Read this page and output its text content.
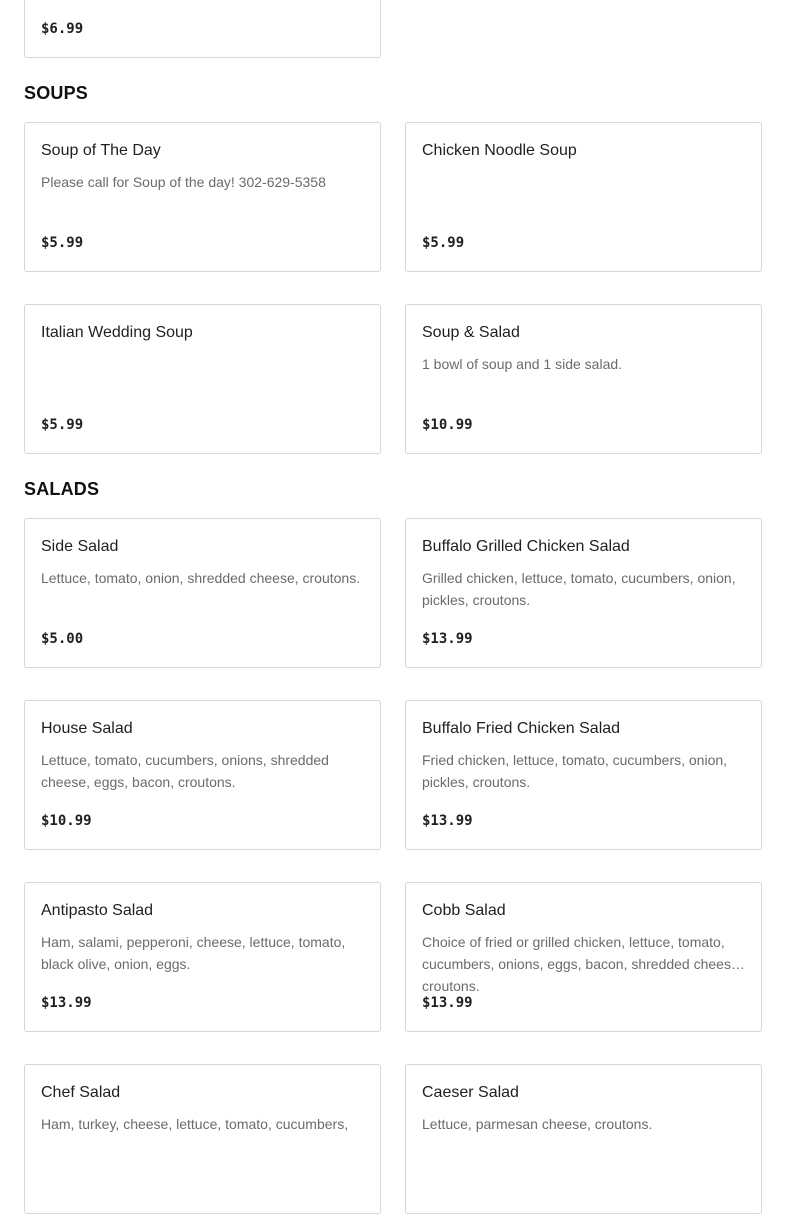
$6.99
SOUPS
Soup of The Day
Please call for Soup of the day! 302-629-5358
$5.99
Chicken Noodle Soup
$5.99
Italian Wedding Soup
$5.99
Soup & Salad
1 bowl of soup and 1 side salad.
$10.99
SALADS
Side Salad
Lettuce, tomato, onion, shredded cheese, croutons.
$5.00
Buffalo Grilled Chicken Salad
Grilled chicken, lettuce, tomato, cucumbers, onion, pickles, croutons.
$13.99
House Salad
Lettuce, tomato, cucumbers, onions, shredded cheese, eggs, bacon, croutons.
$10.99
Buffalo Fried Chicken Salad
Fried chicken, lettuce, tomato, cucumbers, onion, pickles, croutons.
$13.99
Antipasto Salad
Ham, salami, pepperoni, cheese, lettuce, tomato, black olive, onion, eggs.
$13.99
Cobb Salad
Choice of fried or grilled chicken, lettuce, tomato, cucumbers, onions, eggs, bacon, shredded cheese, croutons.
$13.99
Chef Salad
Ham, turkey, cheese, lettuce, tomato, cucumbers,
Caeser Salad
Lettuce, parmesan cheese, croutons.
